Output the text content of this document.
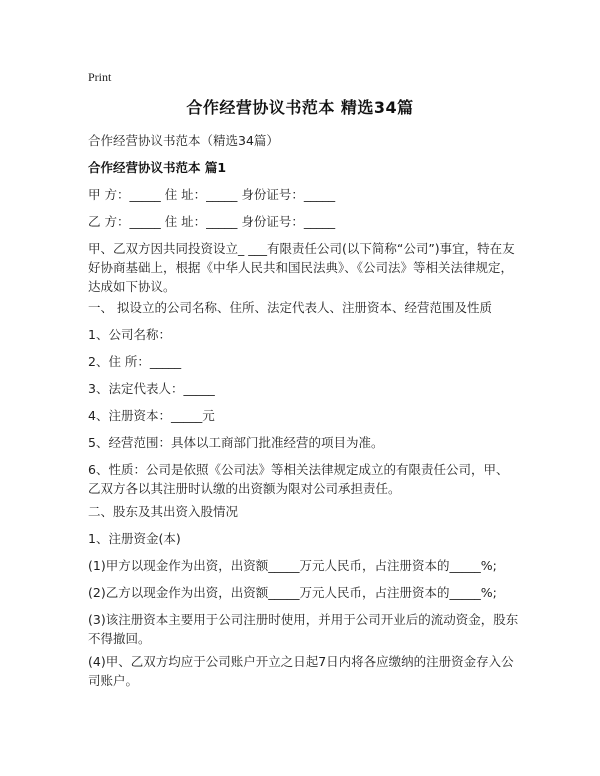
Print
合作经营协议书范本 精选34篇
合作经营协议书范本（精选34篇）
合作经营协议书范本 篇1
甲 方：_____ 住 址：_____ 身份证号：_____
乙 方：_____ 住 址：_____ 身份证号：_____
甲、乙双方因共同投资设立_ ___有限责任公司(以下简称“公司”)事宜，特在友好协商基础上，根据《中华人民共和国民法典》、《公司法》等相关法律规定，达成如下协议。
一、 拟设立的公司名称、住所、法定代表人、注册资本、经营范围及性质
1、公司名称：
2、住 所：_____
3、法定代表人：_____
4、注册资本：_____元
5、经营范围：具体以工商部门批准经营的项目为准。
6、性质：公司是依照《公司法》等相关法律规定成立的有限责任公司，甲、乙双方各以其注册时认缴的出资额为限对公司承担责任。
二、股东及其出资入股情况
1、注册资金(本)
(1)甲方以现金作为出资，出资额_____万元人民币，占注册资本的_____%;
(2)乙方以现金作为出资，出资额_____万元人民币，占注册资本的_____%;
(3)该注册资本主要用于公司注册时使用，并用于公司开业后的流动资金，股东不得撤回。
(4)甲、乙双方均应于公司账户开立之日起7日内将各应缴纳的注册资金存入公司账户。
